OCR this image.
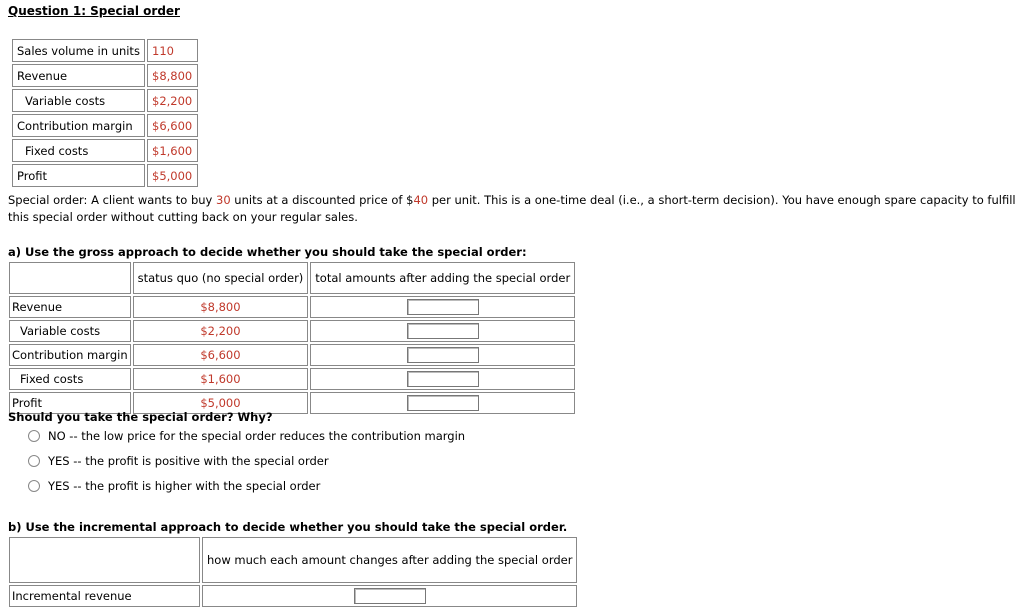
Question 1: Special order
Sales volume in units	110
Revenue	$8,800
Variable costs	$2,200
Contribution margin	$6,600
Fixed costs	$1,600
Profit	$5,000
Special order: A client wants to buy 30 units at a discounted price of $40 per unit. This is a one-time deal (i.e., a short-term decision). You have enough spare capacity to fulfill this special order without cutting back on your regular sales.
a) Use the gross approach to decide whether you should take the special order:
	status quo (no special order)	total amounts after adding the special order
Revenue	$8,800	
Variable costs	$2,200	
Contribution margin	$6,600	
Fixed costs	$1,600	
Profit	$5,000	
Should you take the special order? Why?
NO -- the low price for the special order reduces the contribution margin
YES -- the profit is positive with the special order
YES -- the profit is higher with the special order
b) Use the incremental approach to decide whether you should take the special order.
	how much each amount changes after adding the special order
Incremental revenue	
